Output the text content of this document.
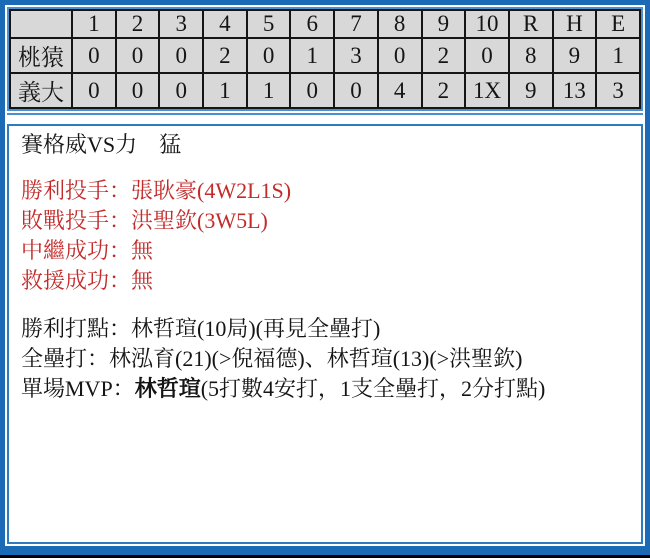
	1	2	3	4	5	6	7	8	9	10	R	H	E
桃猿	0	0	0	2	0	1	3	0	2	0	8	9	1
義大	0	0	0	1	1	0	0	4	2	1X	9	13	3
賽格威VS力　猛
勝利投手：張耿豪(4W2L1S)
敗戰投手：洪聖欽(3W5L)
中繼成功：無
救援成功：無
勝利打點：林哲瑄(10局)(再見全壘打)
全壘打：林泓育(21)(>倪福德)、林哲瑄(13)(>洪聖欽)
單場MVP：林哲瑄(5打數4安打，1支全壘打，2分打點)
